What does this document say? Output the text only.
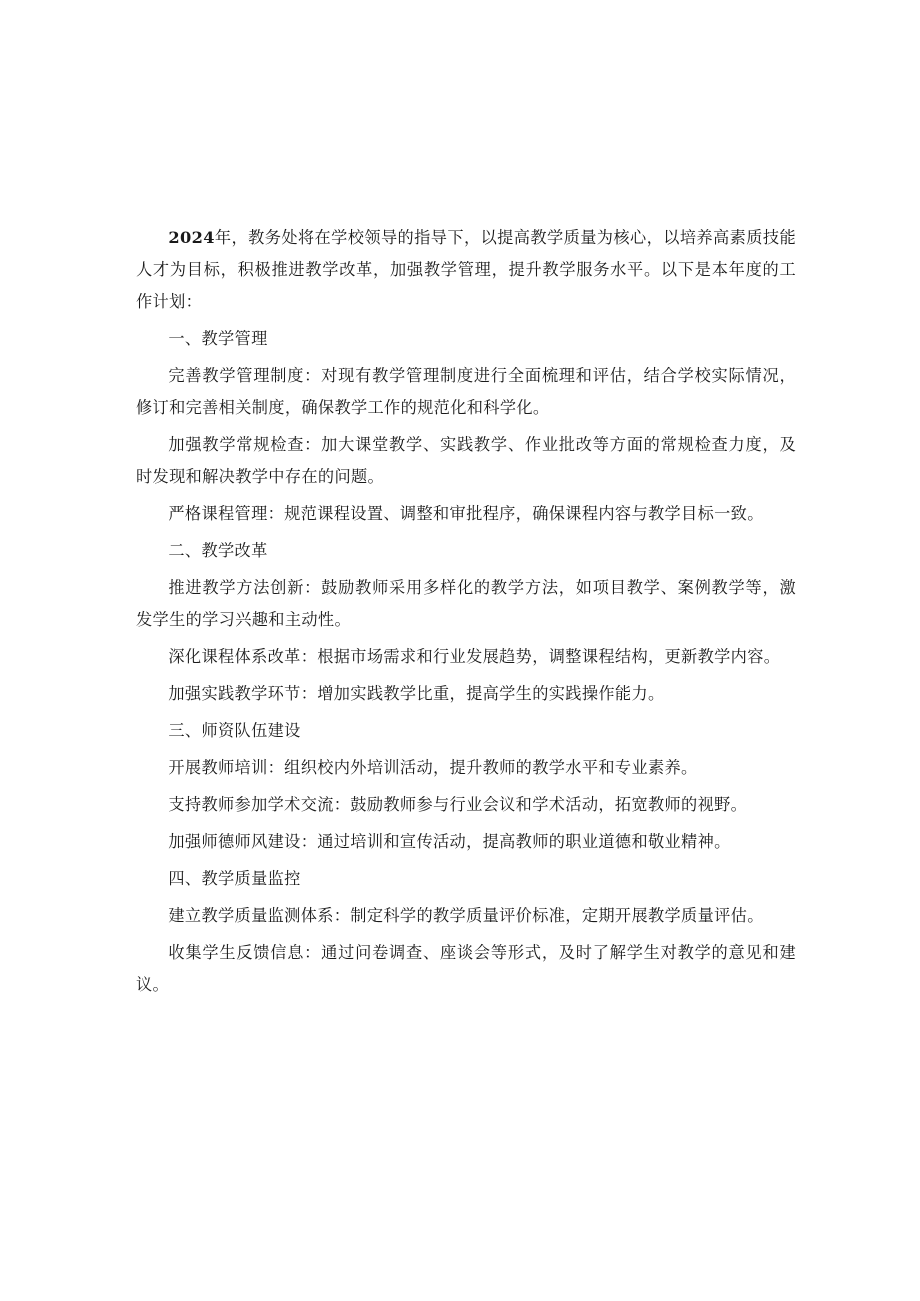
2024年，教务处将在学校领导的指导下，以提高教学质量为核心，以培养高素质技能人才为目标，积极推进教学改革，加强教学管理，提升教学服务水平。以下是本年度的工作计划：

一、教学管理

完善教学管理制度：对现有教学管理制度进行全面梳理和评估，结合学校实际情况，修订和完善相关制度，确保教学工作的规范化和科学化。

加强教学常规检查：加大课堂教学、实践教学、作业批改等方面的常规检查力度，及时发现和解决教学中存在的问题。

严格课程管理：规范课程设置、调整和审批程序，确保课程内容与教学目标一致。

二、教学改革

推进教学方法创新：鼓励教师采用多样化的教学方法，如项目教学、案例教学等，激发学生的学习兴趣和主动性。

深化课程体系改革：根据市场需求和行业发展趋势，调整课程结构，更新教学内容。

加强实践教学环节：增加实践教学比重，提高学生的实践操作能力。

三、师资队伍建设

开展教师培训：组织校内外培训活动，提升教师的教学水平和专业素养。

支持教师参加学术交流：鼓励教师参与行业会议和学术活动，拓宽教师的视野。

加强师德师风建设：通过培训和宣传活动，提高教师的职业道德和敬业精神。

四、教学质量监控

建立教学质量监测体系：制定科学的教学质量评价标准，定期开展教学质量评估。

收集学生反馈信息：通过问卷调查、座谈会等形式，及时了解学生对教学的意见和建议。
